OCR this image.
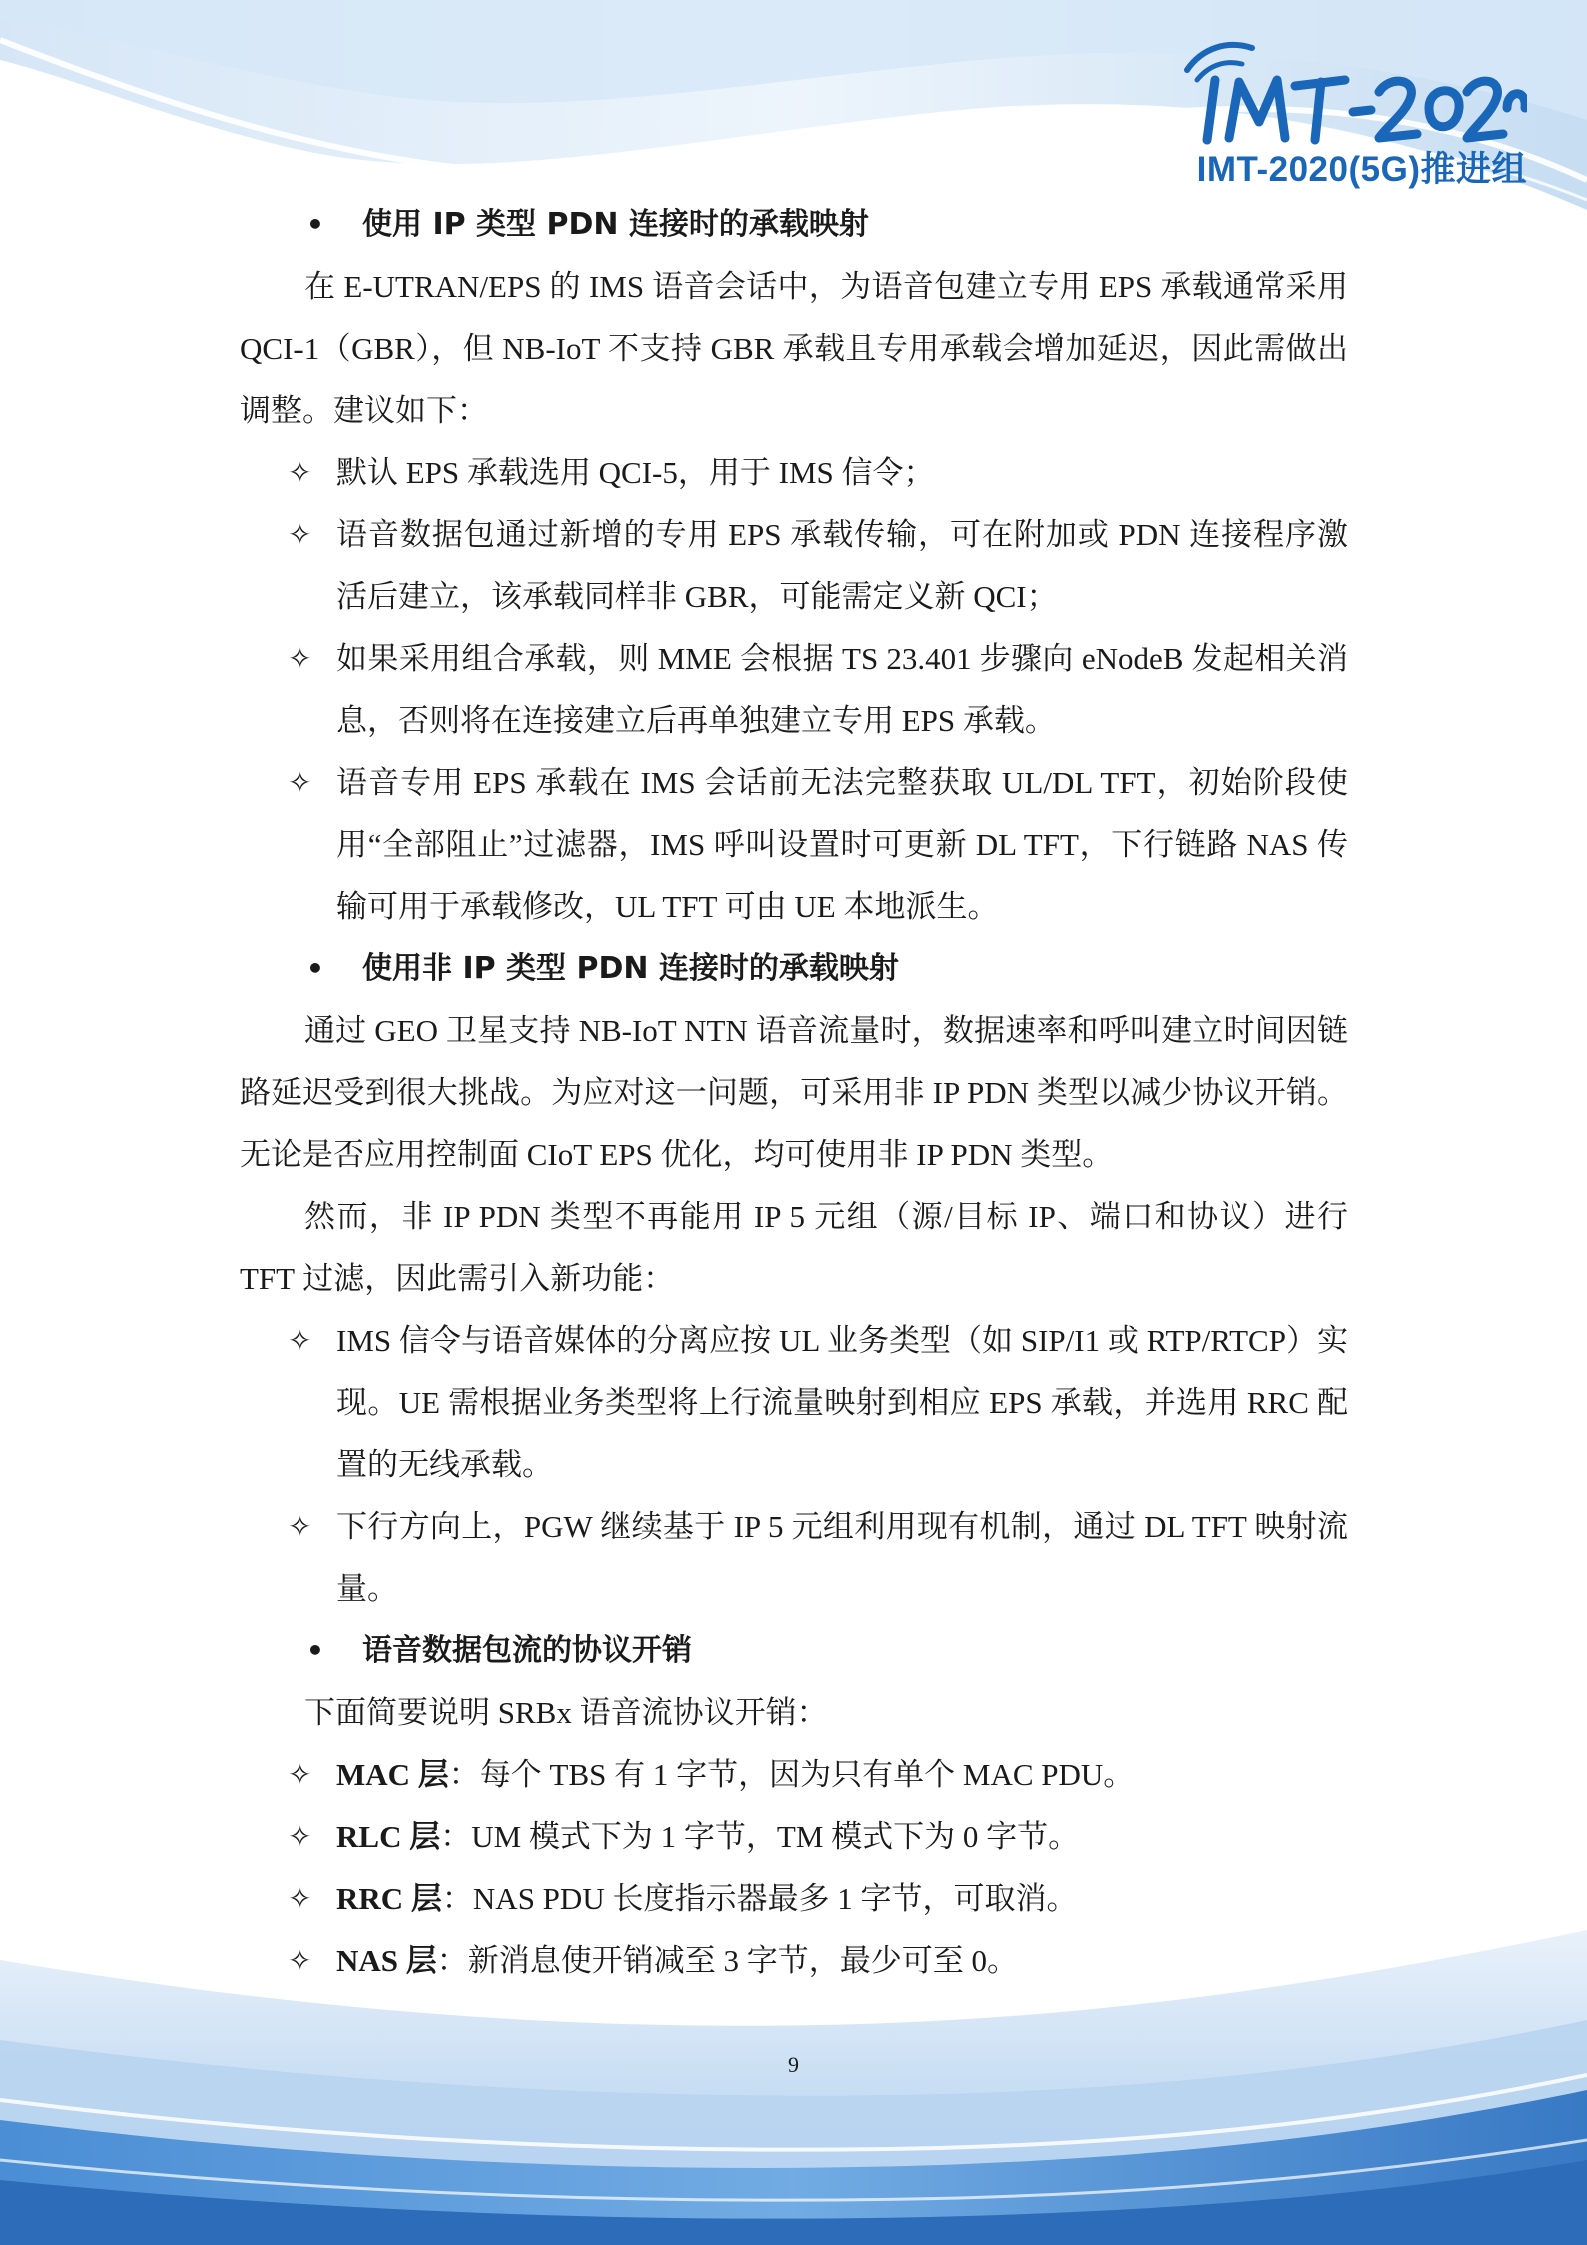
IMT-2020(5G)推进组

• 使用 IP 类型 PDN 连接时的承载映射

在 E-UTRAN/EPS 的 IMS 语音会话中，为语音包建立专用 EPS 承载通常采用 QCI-1（GBR），但 NB-IoT 不支持 GBR 承载且专用承载会增加延迟，因此需做出调整。建议如下：

✧ 默认 EPS 承载选用 QCI-5，用于 IMS 信令；

✧ 语音数据包通过新增的专用 EPS 承载传输，可在附加或 PDN 连接程序激活后建立，该承载同样非 GBR，可能需定义新 QCI；

✧ 如果采用组合承载，则 MME 会根据 TS 23.401 步骤向 eNodeB 发起相关消息，否则将在连接建立后再单独建立专用 EPS 承载。

✧ 语音专用 EPS 承载在 IMS 会话前无法完整获取 UL/DL TFT，初始阶段使用“全部阻止”过滤器，IMS 呼叫设置时可更新 DL TFT，下行链路 NAS 传输可用于承载修改，UL TFT 可由 UE 本地派生。

• 使用非 IP 类型 PDN 连接时的承载映射

通过 GEO 卫星支持 NB-IoT NTN 语音流量时，数据速率和呼叫建立时间因链路延迟受到很大挑战。为应对这一问题，可采用非 IP PDN 类型以减少协议开销。无论是否应用控制面 CIoT EPS 优化，均可使用非 IP PDN 类型。

然而，非 IP PDN 类型不再能用 IP 5 元组（源/目标 IP、端口和协议）进行 TFT 过滤，因此需引入新功能：

✧ IMS 信令与语音媒体的分离应按 UL 业务类型（如 SIP/I1 或 RTP/RTCP）实现。UE 需根据业务类型将上行流量映射到相应 EPS 承载，并选用 RRC 配置的无线承载。

✧ 下行方向上，PGW 继续基于 IP 5 元组利用现有机制，通过 DL TFT 映射流量。

• 语音数据包流的协议开销

下面简要说明 SRBx 语音流协议开销：

✧ MAC 层：每个 TBS 有 1 字节，因为只有单个 MAC PDU。

✧ RLC 层：UM 模式下为 1 字节，TM 模式下为 0 字节。

✧ RRC 层：NAS PDU 长度指示器最多 1 字节，可取消。

✧ NAS 层：新消息使开销减至 3 字节，最少可至 0。

9
